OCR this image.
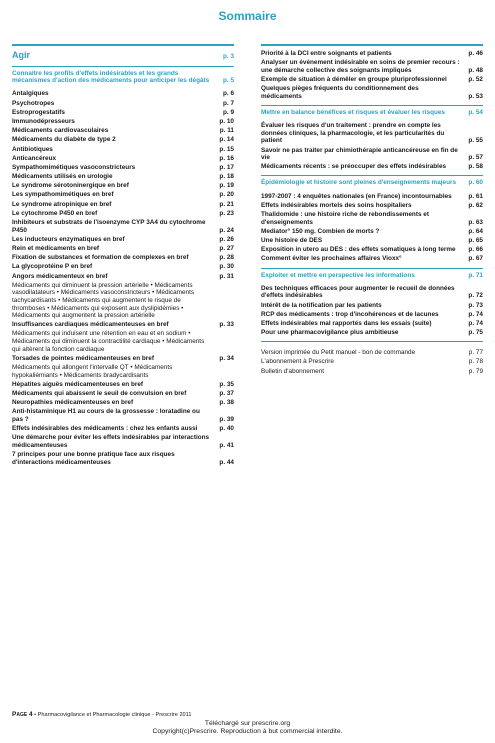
Sommaire
Agir	p. 3
Connaitre les profils d'effets indésirables et les grands mécanismes d'action des médicaments pour anticiper les dégâts	p. 5
Antalgiques	p. 6
Psychotropes	p. 7
Estroprogestatifs	p. 9
Immunodépresseurs	p. 10
Médicaments cardiovasculaires	p. 11
Médicaments du diabète de type 2	p. 14
Antibiotiques	p. 15
Anticancéreux	p. 16
Sympathomimétiques vasoconstricteurs	p. 17
Médicaments utilisés en urologie	p. 18
Le syndrome sérotoninergique en bref	p. 19
Les sympathomimétiques en bref	p. 20
Le syndrome atropinique en bref	p. 21
Le cytochrome P450 en bref	p. 23
Inhibiteurs et substrats de l'isoenzyme CYP 3A4 du cytochrome P450	p. 24
Les inducteurs enzymatiques en bref	p. 26
Rein et médicaments en bref	p. 27
Fixation de substances et formation de complexes en bref	p. 28
La glycoprotéine P en bref	p. 30
Angors médicamenteux en bref	p. 31
Médicaments qui diminuent la pression artérielle • Médicaments vasodilatateurs • Médicaments vasoconstricteurs • Médicaments tachycardisants • Médicaments qui augmentent le risque de thromboses • Médicaments qui exposent aux dyslipidémies • Médicaments qui augmentent la pression artérielle
Insuffisances cardiaques médicamenteuses en bref	p. 33
Médicaments qui induisent une rétention en eau et en sodium • Médicaments qui diminuent la contractilité cardiaque • Médicaments qui altèrent la fonction cardiaque
Torsades de pointes médicamenteuses en bref	p. 34
Médicaments qui allongent l'intervalle QT • Médicaments hypokaliémiants • Médicaments bradycardisants
Hépatites aiguës médicamenteuses en bref	p. 35
Médicaments qui abaissent le seuil de convulsion en bref	p. 37
Neuropathies médicamenteuses en bref	p. 38
Anti-histaminique H1 au cours de la grossesse : loratadine ou pas ?	p. 39
Effets indésirables des médicaments : chez les enfants aussi	p. 40
Une démarche pour éviter les effets indésirables par interactions médicamenteuses	p. 41
7 principes pour une bonne pratique face aux risques d'interactions médicamenteuses	p. 44
Priorité à la DCI entre soignants et patients	p. 46
Analyser un événement indésirable en soins de premier recours : une démarche collective des soignants impliqués	p. 48
Exemple de situation à démêler en groupe pluriprofessionnel	p. 52
Quelques pièges fréquents du conditionnement des médicaments	p. 53
Mettre en balance bénéfices et risques et évaluer les risques	p. 54
Évaluer les risques d'un traitement : prendre en compte les données cliniques, la pharmacologie, et les particularités du patient	p. 55
Savoir ne pas traiter par chimiothérapie anticancéreuse en fin de vie	p. 57
Médicaments récents : se préoccuper des effets indésirables	p. 58
Épidémiologie et histoire sont pleines d'enseignements majeurs	p. 60
1997-2007 : 4 enquêtes nationales (en France) incontournables	p. 61
Effets indésirables mortels des soins hospitaliers	p. 62
Thalidomide : une histoire riche de rebondissements et d'enseignements	p. 63
Mediator° 150 mg. Combien de morts ?	p. 64
Une histoire de DES	p. 65
Exposition in utero au DES : des effets somatiques à long terme	p. 66
Comment éviter les prochaines affaires Vioxx°	p. 67
Exploiter et mettre en perspective les informations	p. 71
Des techniques efficaces pour augmenter le recueil de données d'effets indésirables	p. 72
Intérêt de la notification par les patients	p. 73
RCP des médicaments : trop d'incohérences et de lacunes	p. 74
Effets indésirables mal rapportés dans les essais (suite)	p. 74
Pour une pharmacovigilance plus ambitieuse	p. 75
Version imprimée du Petit manuel - bon de commande	p. 77
L'abonnement à Prescrire	p. 78
Bulletin d'abonnement	p. 79
Page 4 • Pharmacovigilance et Pharmacologie clinique - Prescrire 2011
Téléchargé sur prescrire.org
Copyright(c)Prescrire. Reproduction à but commercial interdite.
